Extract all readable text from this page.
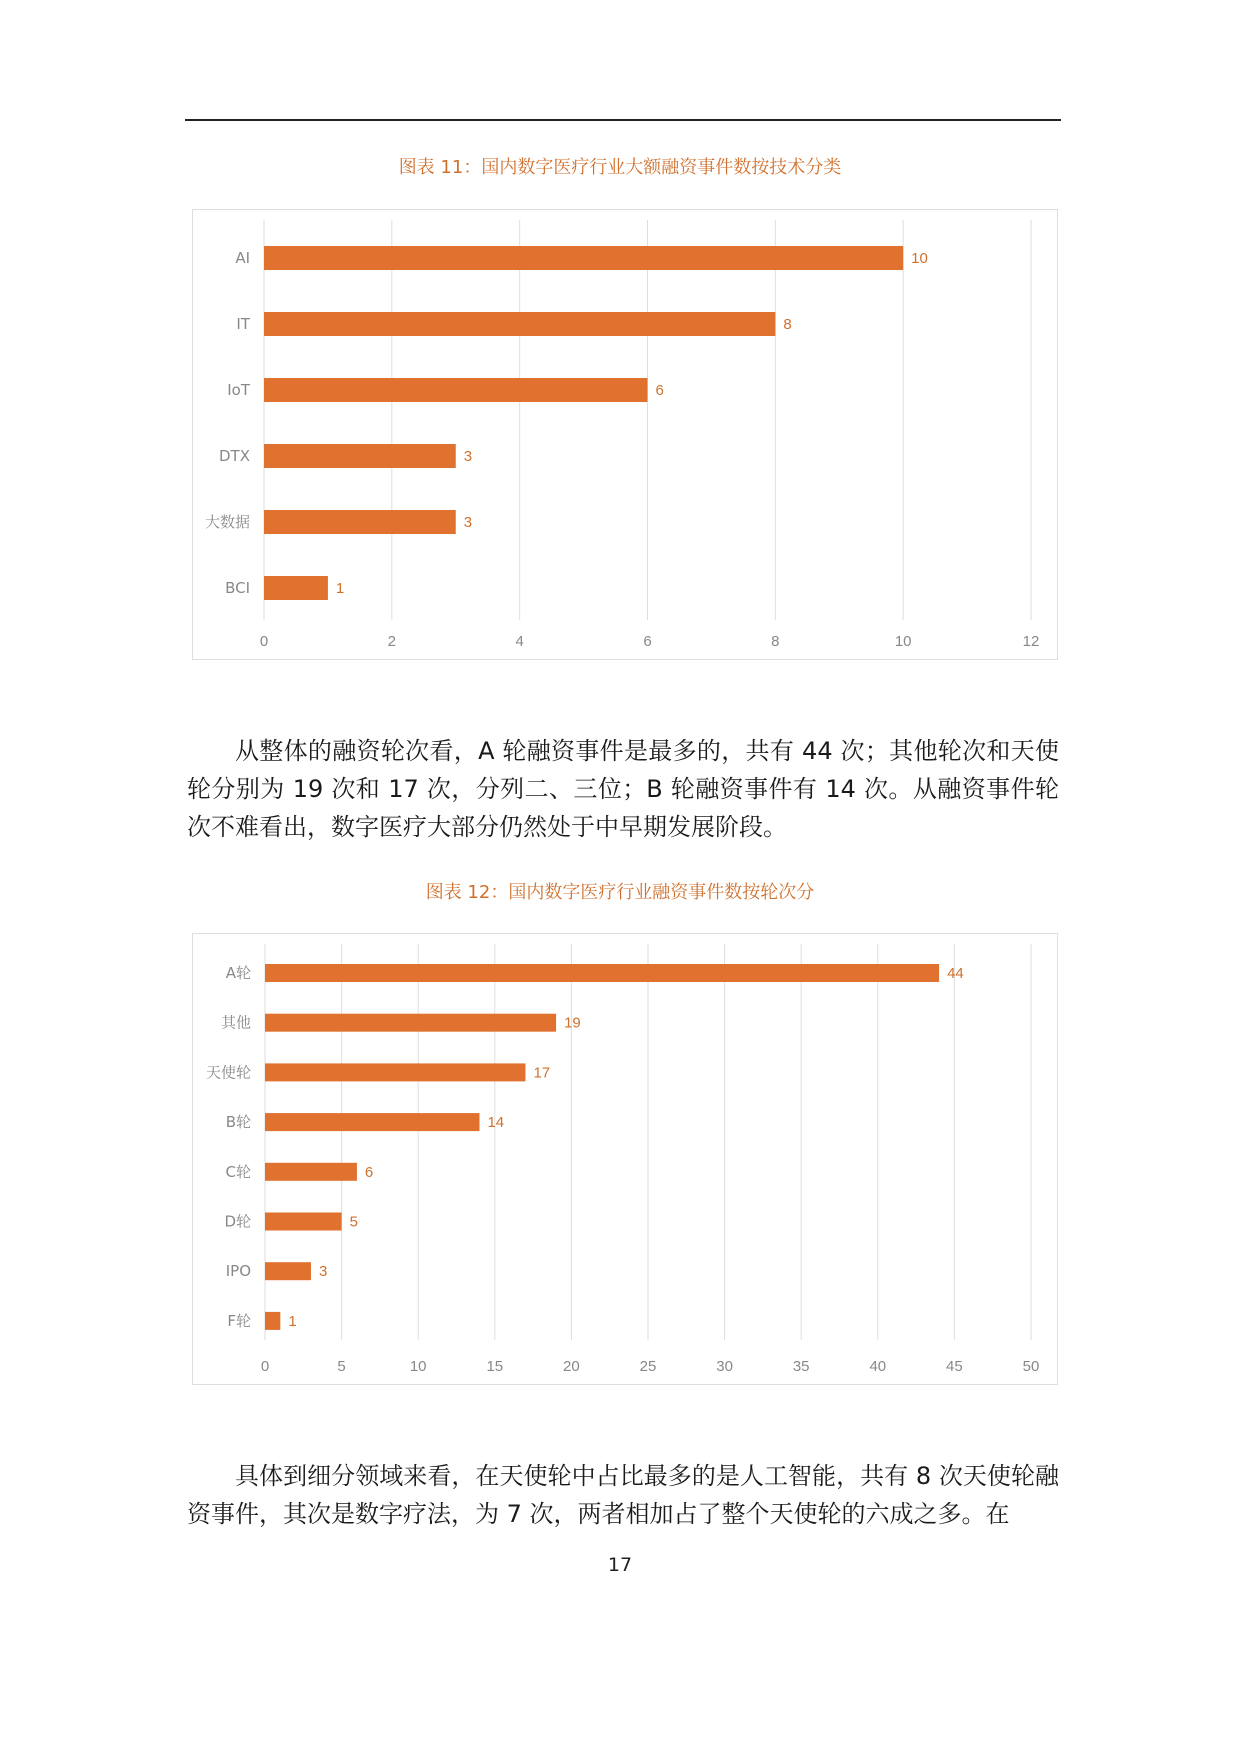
图表 11：国内数字医疗行业大额融资事件数按技术分类
0	2	4	6	8	10	12
AI	10
IT	8
IoT	6
DTX	3
大数据	3
BCI	1

从整体的融资轮次看，A 轮融资事件是最多的，共有 44 次；其他轮次和天使轮分别为 19 次和 17 次，分列二、三位；B 轮融资事件有 14 次。从融资事件轮次不难看出，数字医疗大部分仍然处于中早期发展阶段。

图表 12：国内数字医疗行业融资事件数按轮次分
0	5	10	15	20	25	30	35	40	45	50
A轮	44
其他	19
天使轮	17
B轮	14
C轮	6
D轮	5
IPO	3
F轮 1

具体到细分领域来看，在天使轮中占比最多的是人工智能，共有 8 次天使轮融资事件，其次是数字疗法，为 7 次，两者相加占了整个天使轮的六成之多。在

17
